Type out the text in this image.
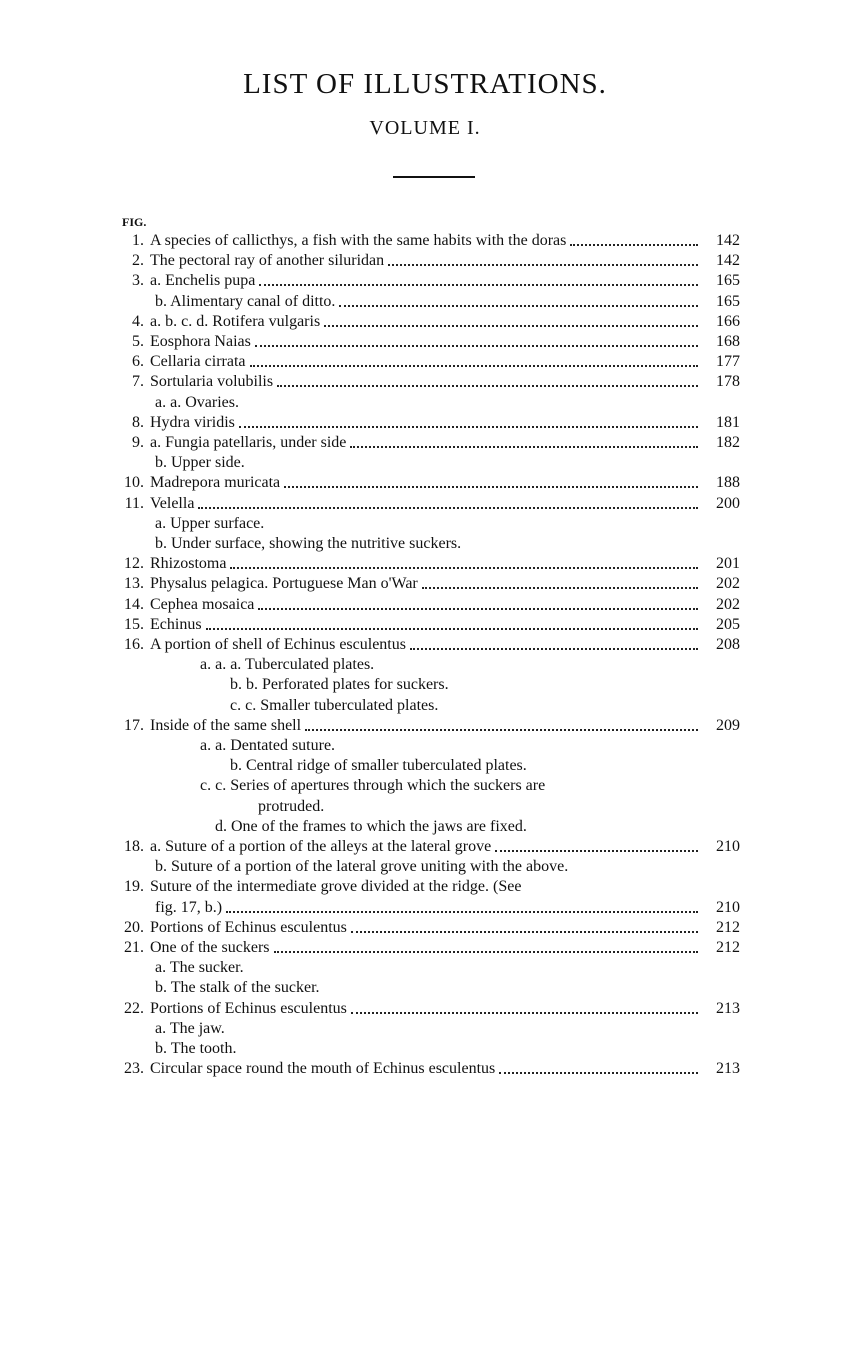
LIST OF ILLUSTRATIONS.
VOLUME I.
FIG.
1. A species of callicthys, a fish with the same habits with the doras	142
2. The pectoral ray of another siluridan	142
3. a. Enchelis pupa	165
b. Alimentary canal of ditto.	165
4. a. b. c. d. Rotifera vulgaris	166
5. Eosphora Naias	168
6. Cellaria cirrata	177
7. Sortularia volubilis	178
a. a. Ovaries.
8. Hydra viridis	181
9. a. Fungia patellaris, under side	182
b. Upper side.
10. Madrepora muricata	188
11. Velella	200
a. Upper surface.
b. Under surface, showing the nutritive suckers.
12. Rhizostoma	201
13. Physalus pelagica. Portuguese Man o'War	202
14. Cephea mosaica	202
15. Echinus	205
16. A portion of shell of Echinus esculentus	208
a. a. a. Tuberculated plates.
b. b. Perforated plates for suckers.
c. c. Smaller tuberculated plates.
17. Inside of the same shell	209
a. a. Dentated suture.
b. Central ridge of smaller tuberculated plates.
c. c. Series of apertures through which the suckers are
protruded.
d. One of the frames to which the jaws are fixed.
18. a. Suture of a portion of the alleys at the lateral grove	210
b. Suture of a portion of the lateral grove uniting with the above.
19. Suture of the intermediate grove divided at the ridge. (See
fig. 17, b.)	210
20. Portions of Echinus esculentus	212
21. One of the suckers	212
a. The sucker.
b. The stalk of the sucker.
22. Portions of Echinus esculentus	213
a. The jaw.
b. The tooth.
23. Circular space round the mouth of Echinus esculentus	213
